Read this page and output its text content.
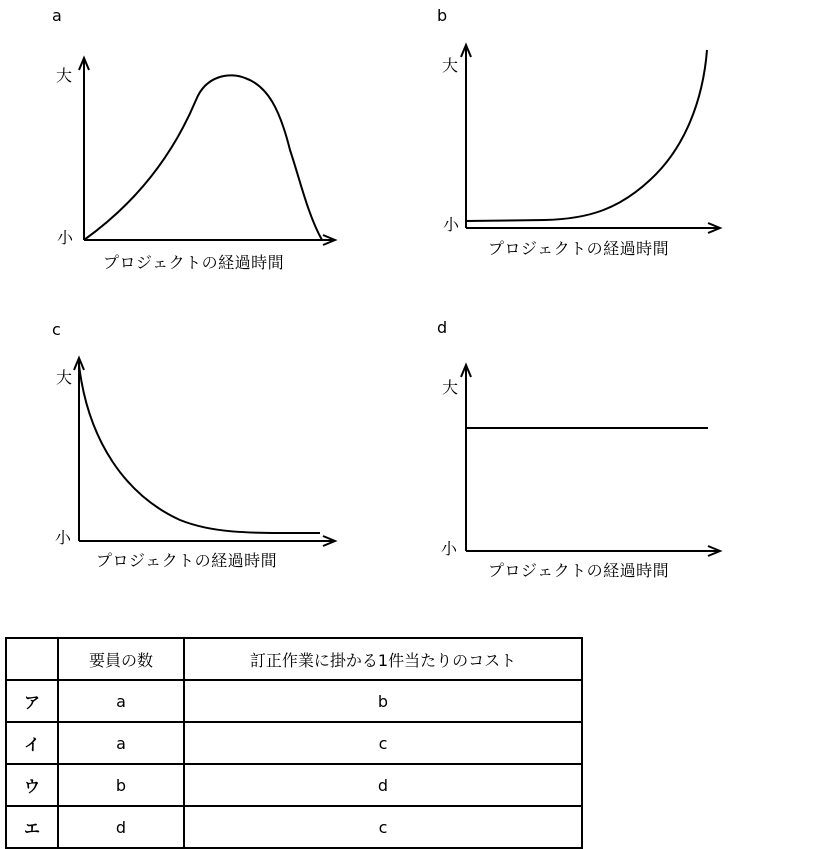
a
大
小
プロジェクトの経過時間
b
大
小
プロジェクトの経過時間
c
大
小
プロジェクトの経過時間
d
大
小
プロジェクトの経過時間
	要員の数	訂正作業に掛かる1件当たりのコスト
ア	a	b
イ	a	c
ウ	b	d
エ	d	c
